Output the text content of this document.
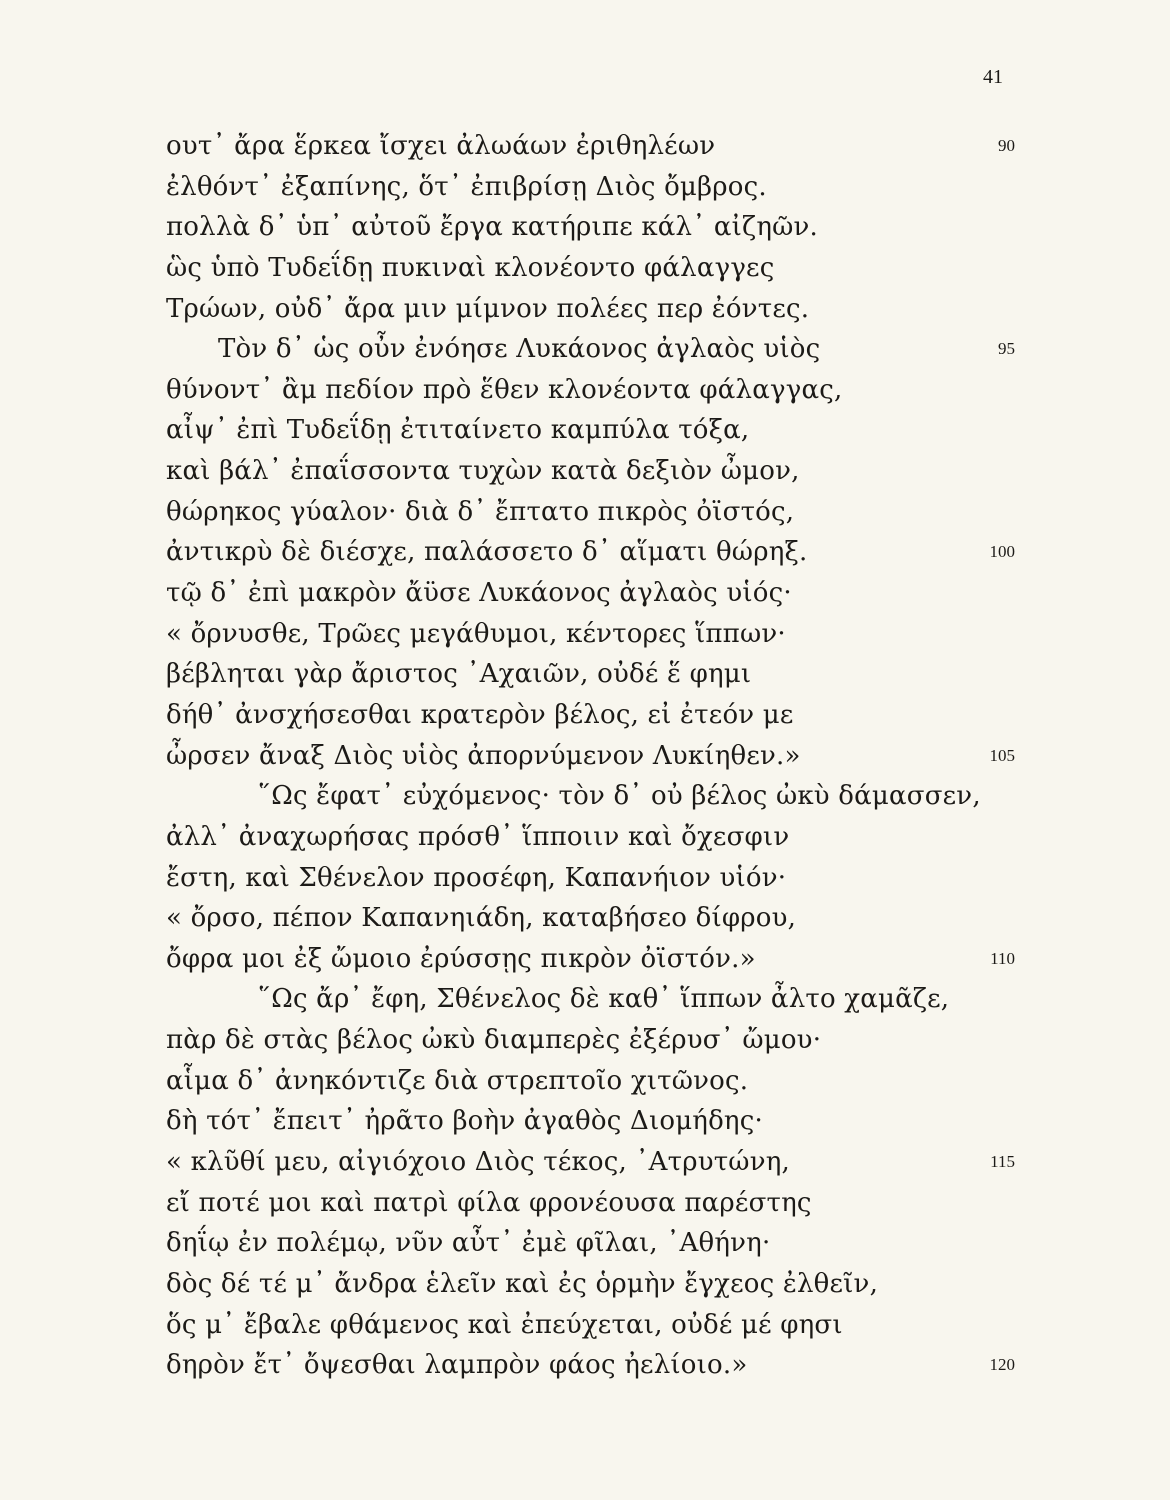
41
ουτ᾽ ἄρα ἕρκεα ἴσχει ἀλωάων ἐριθηλέων	90
ἐλθόντ᾽ ἐξαπίνης, ὅτ᾽ ἐπιβρίσῃ Διὸς ὄμβρος.
πολλὰ δ᾽ ὑπ᾽ αὐτοῦ ἔργα κατήριπε κάλ᾽ αἰζηῶν.
ὣς ὑπὸ Τυδεΐδῃ πυκιναὶ κλονέοντο φάλαγγες
Τρώων, οὐδ᾽ ἄρα μιν μίμνον πολέες περ ἐόντες.
Τὸν δ᾽ ὡς οὖν ἐνόησε Λυκάονος ἀγλαὸς υἱὸς	95
θύνοντ᾽ ἂμ πεδίον πρὸ ἕθεν κλονέοντα φάλαγγας,
αἶψ᾽ ἐπὶ Τυδεΐδῃ ἐτιταίνετο καμπύλα τόξα,
καὶ βάλ᾽ ἐπαΐσσοντα τυχὼν κατὰ δεξιὸν ὦμον,
θώρηκος γύαλον· διὰ δ᾽ ἔπτατο πικρὸς ὀϊστός,
ἀντικρὺ δὲ διέσχε, παλάσσετο δ᾽ αἵματι θώρηξ.	100
τῷ δ᾽ ἐπὶ μακρὸν ἄϋσε Λυκάονος ἀγλαὸς υἱός·
« ὄρνυσθε, Τρῶες μεγάθυμοι, κέντορες ἵππων·
βέβληται γὰρ ἄριστος ᾿Αχαιῶν, οὐδέ ἕ φημι
δήθ᾽ ἀνσχήσεσθαι κρατερὸν βέλος, εἰ ἐτεόν με
ὦρσεν ἄναξ Διὸς υἱὸς ἀπορνύμενον Λυκίηθεν.»	105
῞Ως ἔφατ᾽ εὐχόμενος· τὸν δ᾽ οὐ βέλος ὠκὺ δάμασσεν,
ἀλλ᾽ ἀναχωρήσας πρόσθ᾽ ἵπποιιν καὶ ὄχεσφιν
ἔστη, καὶ Σθένελον προσέφη, Καπανήιον υἱόν·
« ὄρσο, πέπον Καπανηιάδη, καταβήσεο δίφρου,
ὄφρα μοι ἐξ ὤμοιο ἐρύσσῃς πικρὸν ὀϊστόν.»	110
῞Ως ἄρ᾽ ἔφη, Σθένελος δὲ καθ᾽ ἵππων ἆλτο χαμᾶζε,
πὰρ δὲ στὰς βέλος ὠκὺ διαμπερὲς ἐξέρυσ᾽ ὤμου·
αἷμα δ᾽ ἀνηκόντιζε διὰ στρεπτοῖο χιτῶνος.
δὴ τότ᾽ ἔπειτ᾽ ἠρᾶτο βοὴν ἀγαθὸς Διομήδης·
« κλῦθί μευ, αἰγιόχοιο Διὸς τέκος, ᾿Ατρυτώνη,	115
εἴ ποτέ μοι καὶ πατρὶ φίλα φρονέουσα παρέστης
δηΐῳ ἐν πολέμῳ, νῦν αὖτ᾽ ἐμὲ φῖλαι, ᾿Αθήνη·
δὸς δέ τέ μ᾽ ἄνδρα ἑλεῖν καὶ ἐς ὁρμὴν ἔγχεος ἐλθεῖν,
ὅς μ᾽ ἔβαλε φθάμενος καὶ ἐπεύχεται, οὐδέ μέ φησι
δηρὸν ἔτ᾽ ὄψεσθαι λαμπρὸν φάος ἠελίοιο.»	120
